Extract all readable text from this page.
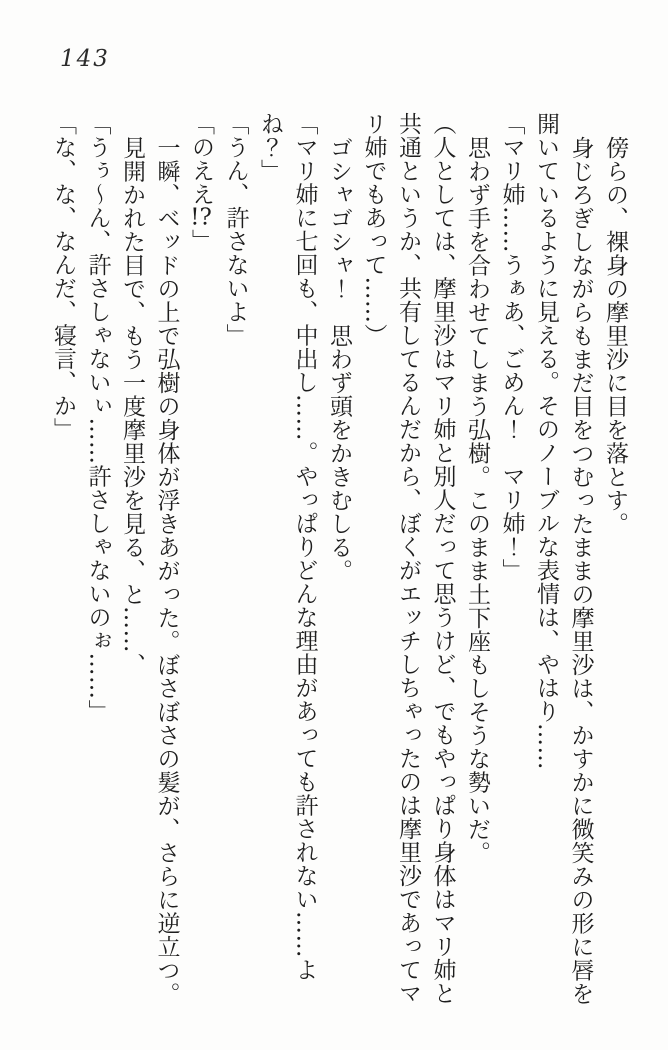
143
傍らの、裸身の摩里沙に目を落とす。
身じろぎしながらもまだ目をつむったままの摩里沙は、かすかに微笑みの形に唇を
開いているように見える。そのノーブルな表情は、やはり……
「マリ姉……うぁあ、ごめん！　マリ姉！」
思わず手を合わせてしまう弘樹。このまま土下座もしそうな勢いだ。
（人としては、摩里沙はマリ姉と別人だって思うけど、でもやっぱり身体はマリ姉と
共通というか、共有してるんだから、ぼくがエッチしちゃったのは摩里沙であってマ
リ姉でもあって……）
ゴシャゴシャ！　思わず頭をかきむしる。
「マリ姉に七回も、中出し……。やっぱりどんな理由があっても許されない……よ
ね？」
「うん、許さないよ」
「のええ!?」
一瞬、ベッドの上で弘樹の身体が浮きあがった。ぼさぼさの髪が、さらに逆立つ。
見開かれた目で、もう一度摩里沙を見る、と……、
「うぅ〜ん、許さしゃないぃ……許さしゃないのぉ……」
「な、な、なんだ、寝言、か」
